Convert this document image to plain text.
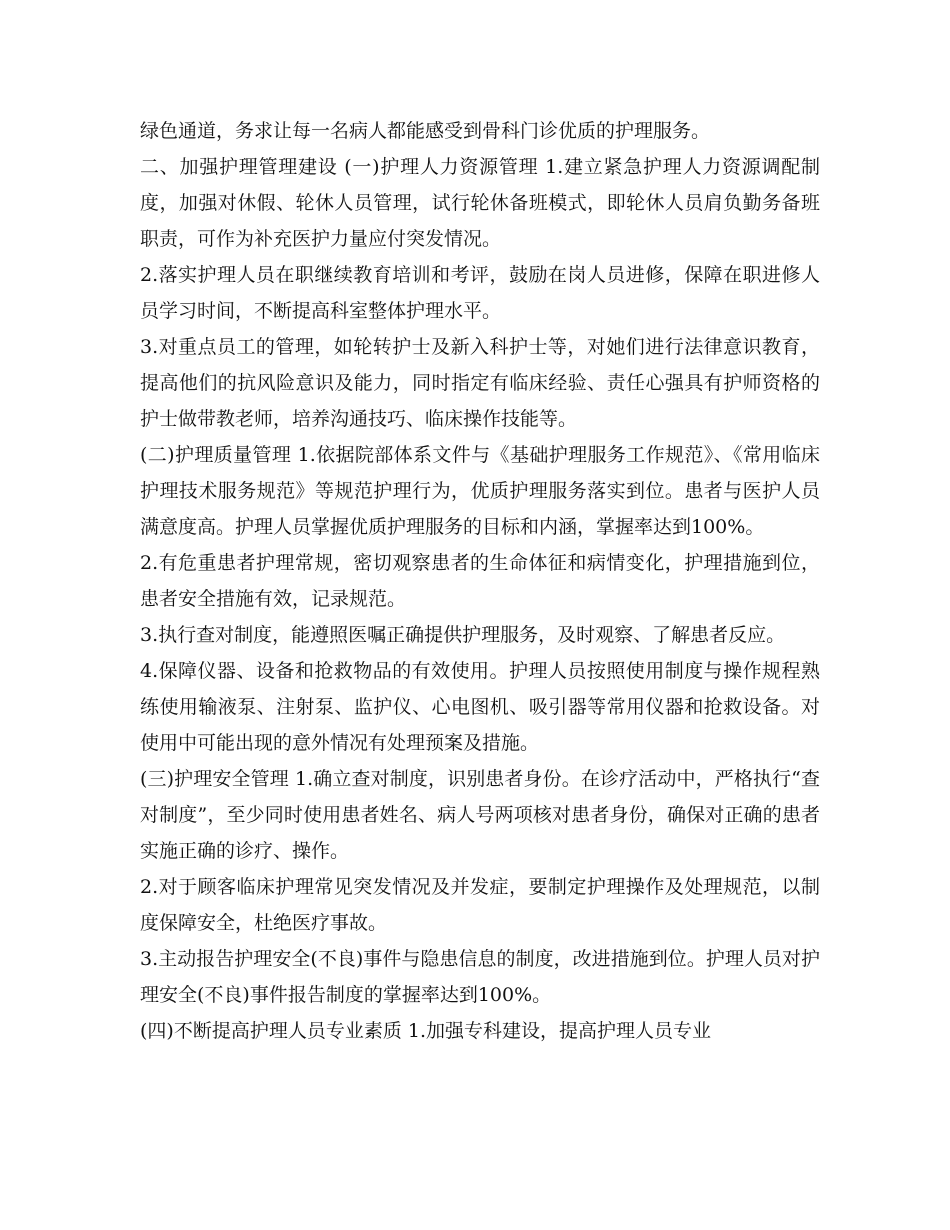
绿色通道，务求让每一名病人都能感受到骨科门诊优质的护理服务。

二、加强护理管理建设 (一)护理人力资源管理 1.建立紧急护理人力资源调配制度，加强对休假、轮休人员管理，试行轮休备班模式，即轮休人员肩负勤务备班职责，可作为补充医护力量应付突发情况。

2.落实护理人员在职继续教育培训和考评，鼓励在岗人员进修，保障在职进修人员学习时间，不断提高科室整体护理水平。

3.对重点员工的管理，如轮转护士及新入科护士等，对她们进行法律意识教育，提高他们的抗风险意识及能力，同时指定有临床经验、责任心强具有护师资格的护士做带教老师，培养沟通技巧、临床操作技能等。

(二)护理质量管理 1.依据院部体系文件与《基础护理服务工作规范》、《常用临床护理技术服务规范》等规范护理行为，优质护理服务落实到位。患者与医护人员满意度高。护理人员掌握优质护理服务的目标和内涵，掌握率达到100%。

2.有危重患者护理常规，密切观察患者的生命体征和病情变化，护理措施到位，患者安全措施有效，记录规范。

3.执行查对制度，能遵照医嘱正确提供护理服务，及时观察、了解患者反应。

4.保障仪器、设备和抢救物品的有效使用。护理人员按照使用制度与操作规程熟练使用输液泵、注射泵、监护仪、心电图机、吸引器等常用仪器和抢救设备。对使用中可能出现的意外情况有处理预案及措施。

(三)护理安全管理 1.确立查对制度，识别患者身份。在诊疗活动中，严格执行“查对制度”，至少同时使用患者姓名、病人号两项核对患者身份，确保对正确的患者实施正确的诊疗、操作。

2.对于顾客临床护理常见突发情况及并发症，要制定护理操作及处理规范，以制度保障安全，杜绝医疗事故。

3.主动报告护理安全(不良)事件与隐患信息的制度，改进措施到位。护理人员对护理安全(不良)事件报告制度的掌握率达到100%。

(四)不断提高护理人员专业素质 1.加强专科建设，提高护理人员专业
